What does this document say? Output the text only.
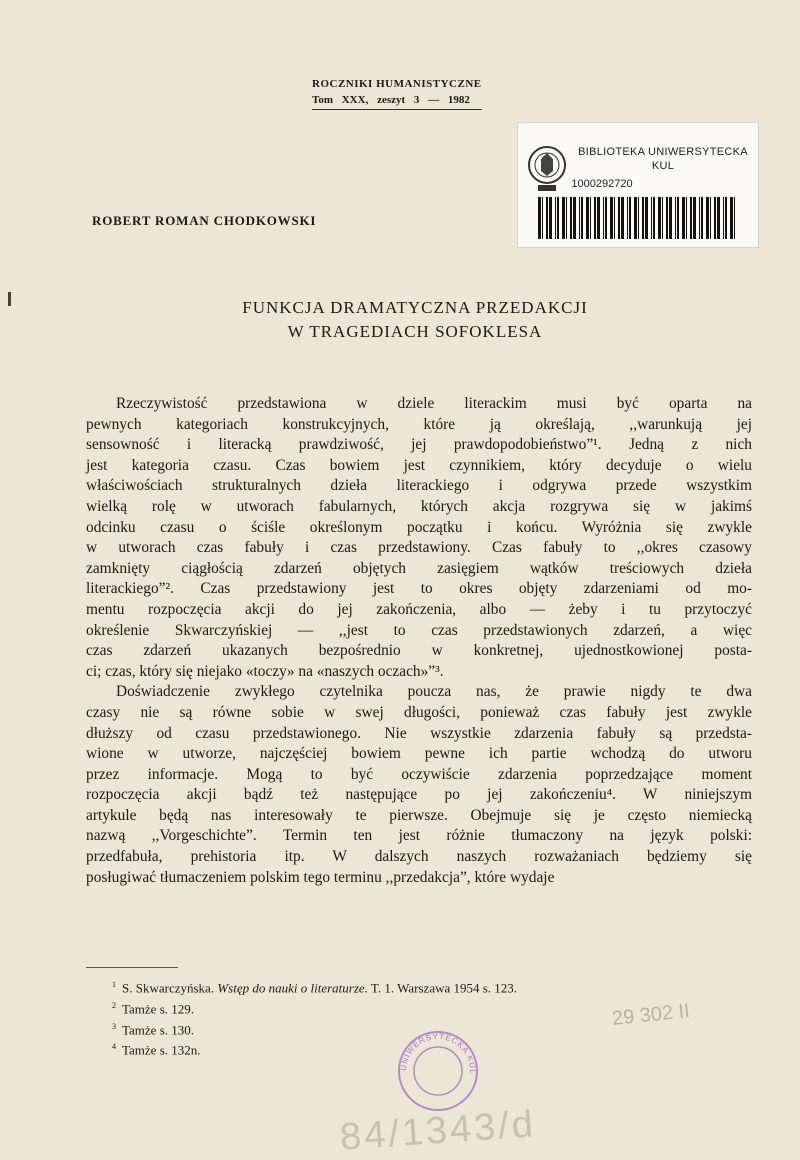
ROCZNIKI HUMANISTYCZNE
Tom XXX, zeszyt 3 — 1982
BIBLIOTEKA UNIWERSYTECKA
KUL
1000292720
ROBERT ROMAN CHODKOWSKI
FUNKCJA DRAMATYCZNA PRZEDAKCJI
W TRAGEDIACH SOFOKLESA
Rzeczywistość przedstawiona w dziele literackim musi być oparta na
pewnych kategoriach konstrukcyjnych, które ją określają, ,,warunkują jej
sensowność i literacką prawdziwość, jej prawdopodobieństwo”¹. Jedną z nich
jest kategoria czasu. Czas bowiem jest czynnikiem, który decyduje o wielu
właściwościach strukturalnych dzieła literackiego i odgrywa przede wszystkim
wielką rolę w utworach fabularnych, których akcja rozgrywa się w jakimś
odcinku czasu o ściśle określonym początku i końcu. Wyróżnia się zwykle
w utworach czas fabuły i czas przedstawiony. Czas fabuły to ,,okres czasowy
zamknięty ciągłością zdarzeń objętych zasięgiem wątków treściowych dzieła
literackiego”². Czas przedstawiony jest to okres objęty zdarzeniami od mo-
mentu rozpoczęcia akcji do jej zakończenia, albo — żeby i tu przytoczyć
określenie Skwarczyńskiej — ,,jest to czas przedstawionych zdarzeń, a więc
czas zdarzeń ukazanych bezpośrednio w konkretnej, ujednostkowionej posta-
ci; czas, który się niejako «toczy» na «naszych oczach»”³.
Doświadczenie zwykłego czytelnika poucza nas, że prawie nigdy te dwa
czasy nie są równe sobie w swej długości, ponieważ czas fabuły jest zwykle
dłuższy od czasu przedstawionego. Nie wszystkie zdarzenia fabuły są przedsta-
wione w utworze, najczęściej bowiem pewne ich partie wchodzą do utworu
przez informacje. Mogą to być oczywiście zdarzenia poprzedzające moment
rozpoczęcia akcji bądź też następujące po jej zakończeniu⁴. W niniejszym
artykule będą nas interesowały te pierwsze. Obejmuje się je często niemiecką
nazwą ,,Vorgeschichte”. Termin ten jest różnie tłumaczony na język polski:
przedfabuła, prehistoria itp. W dalszych naszych rozważaniach będziemy się
posługiwać tłumaczeniem polskim tego terminu ,,przedakcja”, które wydaje
$^1$ S. Skwarczyńska. Wstęp do nauki o literaturze. T. 1. Warszawa 1954 s. 123.
$^2$ Tamże s. 129.
$^3$ Tamże s. 130.
$^4$ Tamże s. 132n.
29 302 II
UNIWERSYTECKA KUL
84/1343/d
